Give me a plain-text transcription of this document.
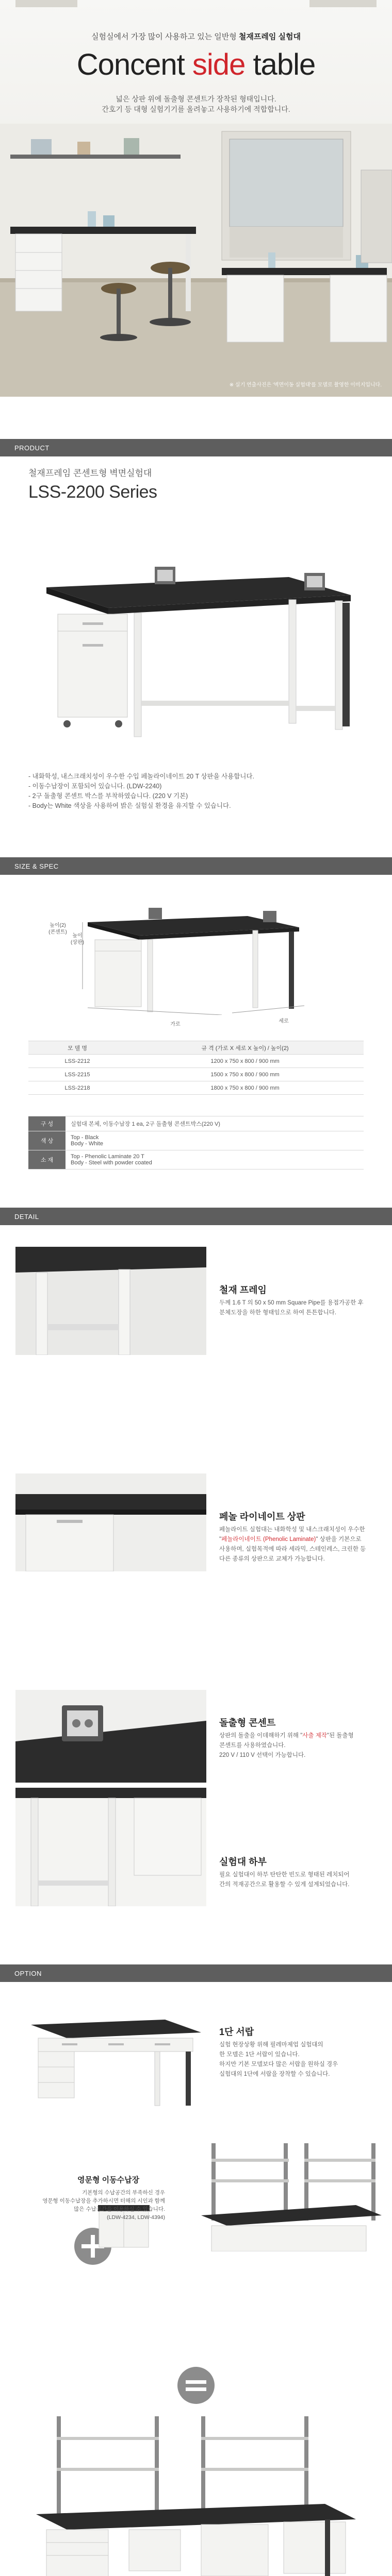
실험실에서 가장 많이 사용하고 있는 일반형 철재프레임 실험대
Concent side table
넓은 상판 위에 돌출형 콘센트가 장착된 형태입니다.
간호기 등 대형 실험기기를 올려놓고 사용하기에 적합합니다.
※ 실기 연출사진은 '벽면이동 실험대'를 모델로 촬영한 이미지입니다.
PRODUCT
철재프레임 콘센트형 벽면실험대
LSS-2200 Series
- 내화학성, 내스크래치성이 우수한 수입 페놀라이네이트 20 T 상판을 사용합니다.
- 이동수납장이 포함되어 있습니다. (LDW-2240)
- 2구 돌출형 콘센트 박스를 부착하였습니다. (220 V 기본)
- Body는 White 색상을 사용하여 밝은 실험실 환경을 유지할 수 있습니다.
SIZE & SPEC
높이(2)
(콘센트)
높이
(상판)
가로
세로
모 델 명	규 격 (가로 X 세로 X 높이) / 높이(2)
LSS-2212	1200 x 750 x 800 / 900 mm
LSS-2215	1500 x 750 x 800 / 900 mm
LSS-2218	1800 x 750 x 800 / 900 mm
구 성	실험대 본체, 이동수납장 1 ea, 2구 돌출형 콘센트박스(220 V)
색 상	Top - Black
Body - White
소 재	Top - Phenolic Laminate 20 T
Body - Steel with powder coated
DETAIL
철재 프레임
두께 1.6 T 의 50 x 50 mm Square Pipe를 용접가공한 후
분체도장을 하한 형태임으로 하여 튼튼합니다.
페놀 라이네이트 상판
페놀라이트 실험대는 내화학성 및 내스크래치성이 우수한
"페놀라이네이트 (Phenolic Laminate)" 상판을 기본으로
사용하며, 실험목적에 따라 세라믹, 스테인레스, 크린한 등
다른 종류의 상판으로 교체가 가능합니다.
돌출형 콘센트
상판의 돌출을 이데해하기 위해 "사출 제작"된 돌출형
콘센트를 사용하였습니다.
220 V / 110 V 선택이 가능합니다.
실험대 하부
필요 실험대이 하부 탄탄한 빈도로 형태된 레치되어
간의 적재공간으로 활용할 수 있게 설계되었습니다.
OPTION
1단 서랍
실험 현장상황 위해 필레마제업 실험대의
한 모델은 1단 서랍이 있습니다.
하지만 기본 모델보다 많은 서랍을 원하실 경우
실험대의 1단에 서랍을 장착할 수 있습니다.
영문형 이동수납장
기본형의 수납공간의 부족하신 경우
영문형 이동수납장을 추가하시면 터해의 시인과 함께
많은 수납공간을 이용하실 수 있습니다.
(LDW-4234, LDW-4394)
